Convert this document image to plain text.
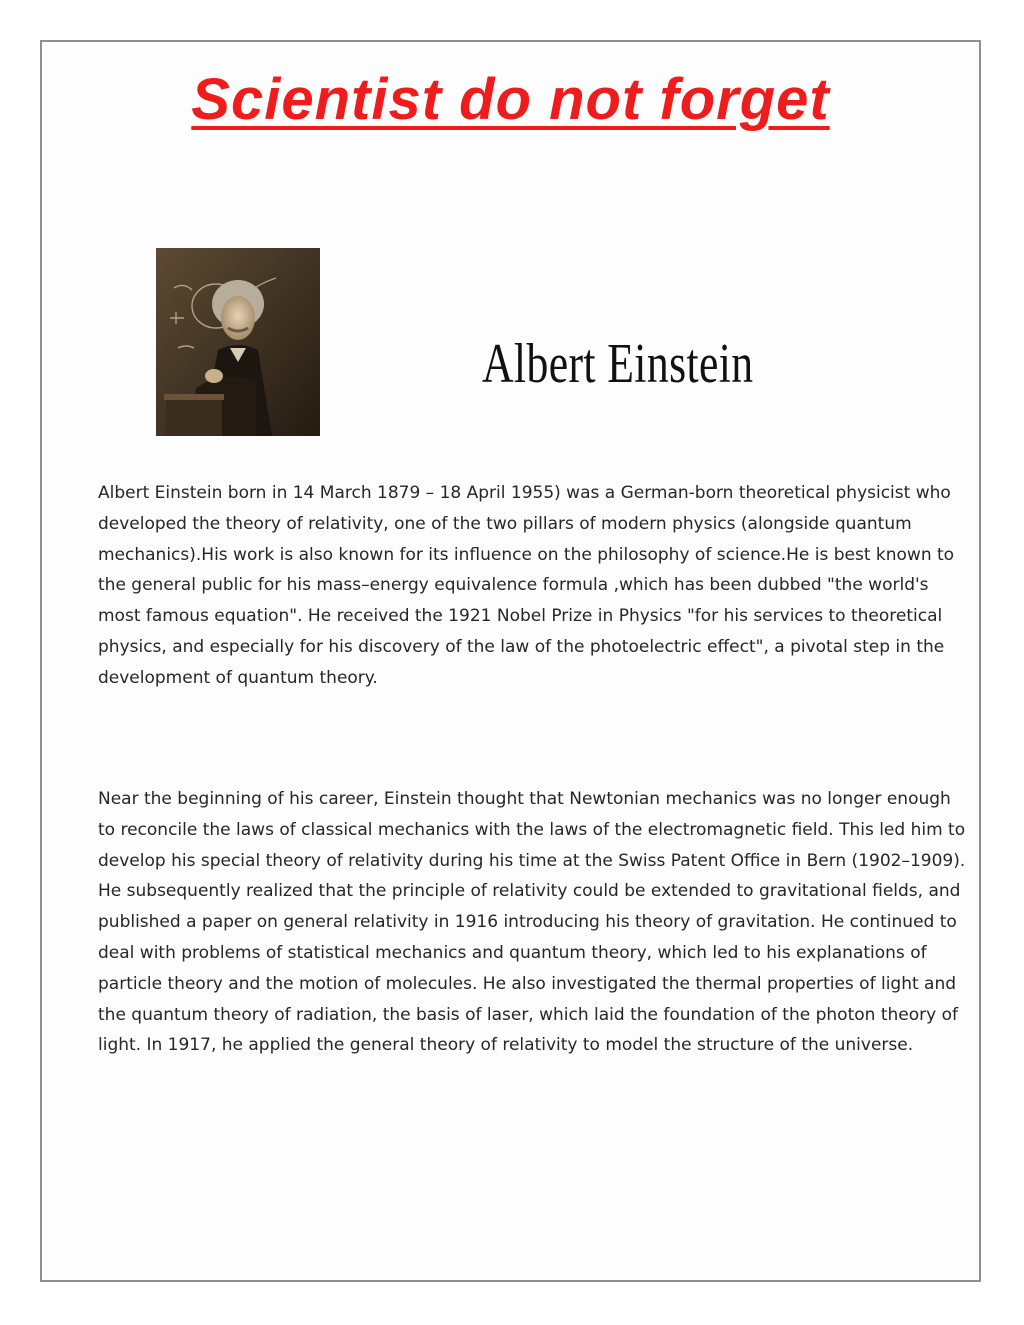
Scientist do not forget
Albert Einstein

Albert Einstein born in 14 March 1879 – 18 April 1955) was a German-born theoretical physicist who developed the theory of relativity, one of the two pillars of modern physics (alongside quantum mechanics).His work is also known for its influence on the philosophy of science.He is best known to the general public for his mass–energy equivalence formula ,which has been dubbed "the world's most famous equation". He received the 1921 Nobel Prize in Physics "for his services to theoretical physics, and especially for his discovery of the law of the photoelectric effect", a pivotal step in the development of quantum theory.

Near the beginning of his career, Einstein thought that Newtonian mechanics was no longer enough to reconcile the laws of classical mechanics with the laws of the electromagnetic field. This led him to develop his special theory of relativity during his time at the Swiss Patent Office in Bern (1902–1909). He subsequently realized that the principle of relativity could be extended to gravitational fields, and published a paper on general relativity in 1916 introducing his theory of gravitation. He continued to deal with problems of statistical mechanics and quantum theory, which led to his explanations of particle theory and the motion of molecules. He also investigated the thermal properties of light and the quantum theory of radiation, the basis of laser, which laid the foundation of the photon theory of light. In 1917, he applied the general theory of relativity to model the structure of the universe.
